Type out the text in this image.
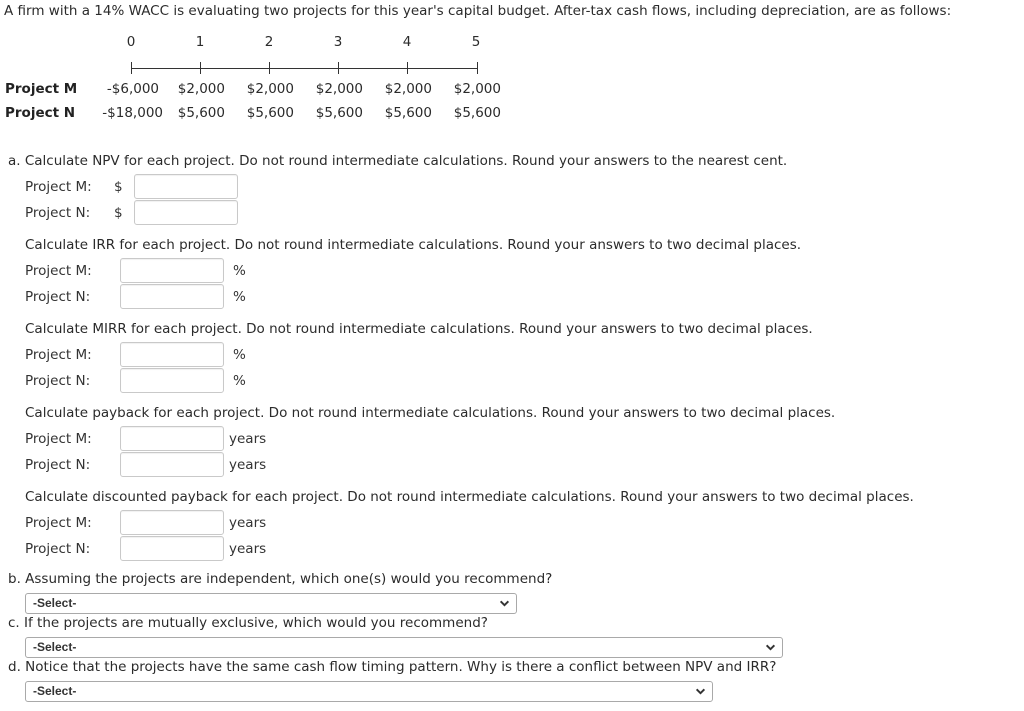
A firm with a 14% WACC is evaluating two projects for this year's capital budget. After-tax cash flows, including depreciation, are as follows:
0	1	2	3	4	5
Project M	-$6,000	$2,000	$2,000	$2,000	$2,000	$2,000
Project N	-$18,000	$5,600	$5,600	$5,600	$5,600	$5,600
a. Calculate NPV for each project. Do not round intermediate calculations. Round your answers to the nearest cent.
Project M: $
Project N: $
Calculate IRR for each project. Do not round intermediate calculations. Round your answers to two decimal places.
Project M:	%
Project N:	%
Calculate MIRR for each project. Do not round intermediate calculations. Round your answers to two decimal places.
Project M:	%
Project N:	%
Calculate payback for each project. Do not round intermediate calculations. Round your answers to two decimal places.
Project M:	years
Project N:	years
Calculate discounted payback for each project. Do not round intermediate calculations. Round your answers to two decimal places.
Project M:	years
Project N:	years
b. Assuming the projects are independent, which one(s) would you recommend?
-Select-
c. If the projects are mutually exclusive, which would you recommend?
-Select-
d. Notice that the projects have the same cash flow timing pattern. Why is there a conflict between NPV and IRR?
-Select-
